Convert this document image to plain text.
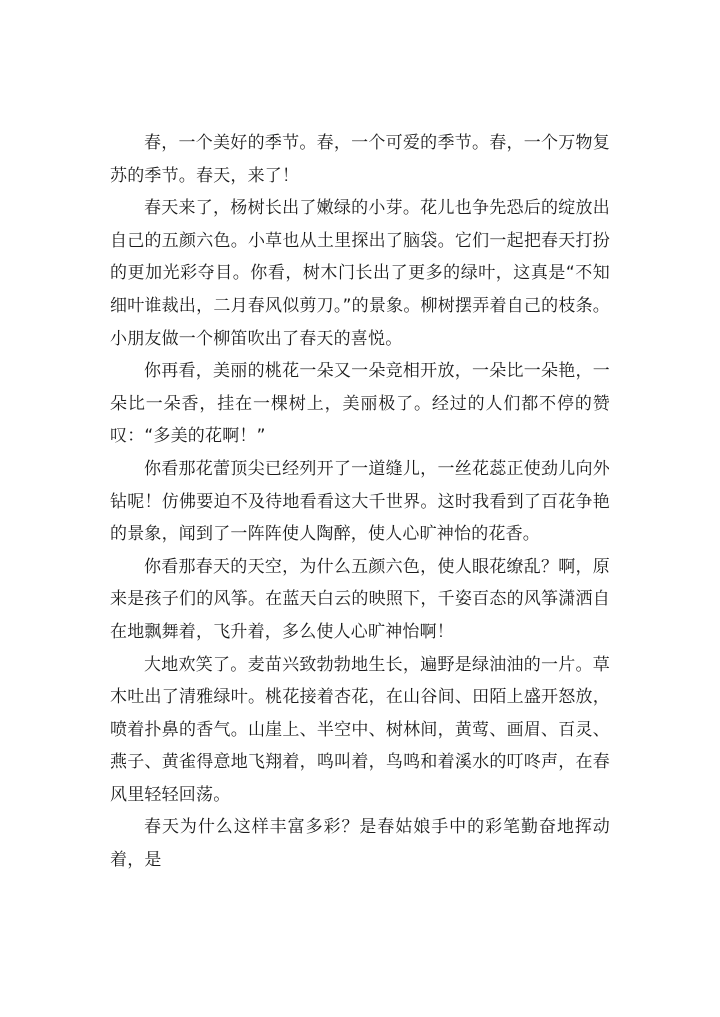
春，一个美好的季节。春，一个可爱的季节。春，一个万物复苏的季节。春天，来了！

春天来了，杨树长出了嫩绿的小芽。花儿也争先恐后的绽放出自己的五颜六色。小草也从土里探出了脑袋。它们一起把春天打扮的更加光彩夺目。你看，树木门长出了更多的绿叶，这真是“不知细叶谁裁出，二月春风似剪刀。”的景象。柳树摆弄着自己的枝条。小朋友做一个柳笛吹出了春天的喜悦。

你再看，美丽的桃花一朵又一朵竞相开放，一朵比一朵艳，一朵比一朵香，挂在一棵树上，美丽极了。经过的人们都不停的赞叹：“多美的花啊！”

你看那花蕾顶尖已经列开了一道缝儿，一丝花蕊正使劲儿向外钻呢！仿佛要迫不及待地看看这大千世界。这时我看到了百花争艳的景象，闻到了一阵阵使人陶醉，使人心旷神怡的花香。

你看那春天的天空，为什么五颜六色，使人眼花缭乱？啊，原来是孩子们的风筝。在蓝天白云的映照下，千姿百态的风筝潇洒自在地飘舞着，飞升着，多么使人心旷神怡啊！

大地欢笑了。麦苗兴致勃勃地生长，遍野是绿油油的一片。草木吐出了清雅绿叶。桃花接着杏花，在山谷间、田陌上盛开怒放，喷着扑鼻的香气。山崖上、半空中、树林间，黄莺、画眉、百灵、燕子、黄雀得意地飞翔着，鸣叫着，鸟鸣和着溪水的叮咚声，在春风里轻轻回荡。

春天为什么这样丰富多彩？是春姑娘手中的彩笔勤奋地挥动着，是
